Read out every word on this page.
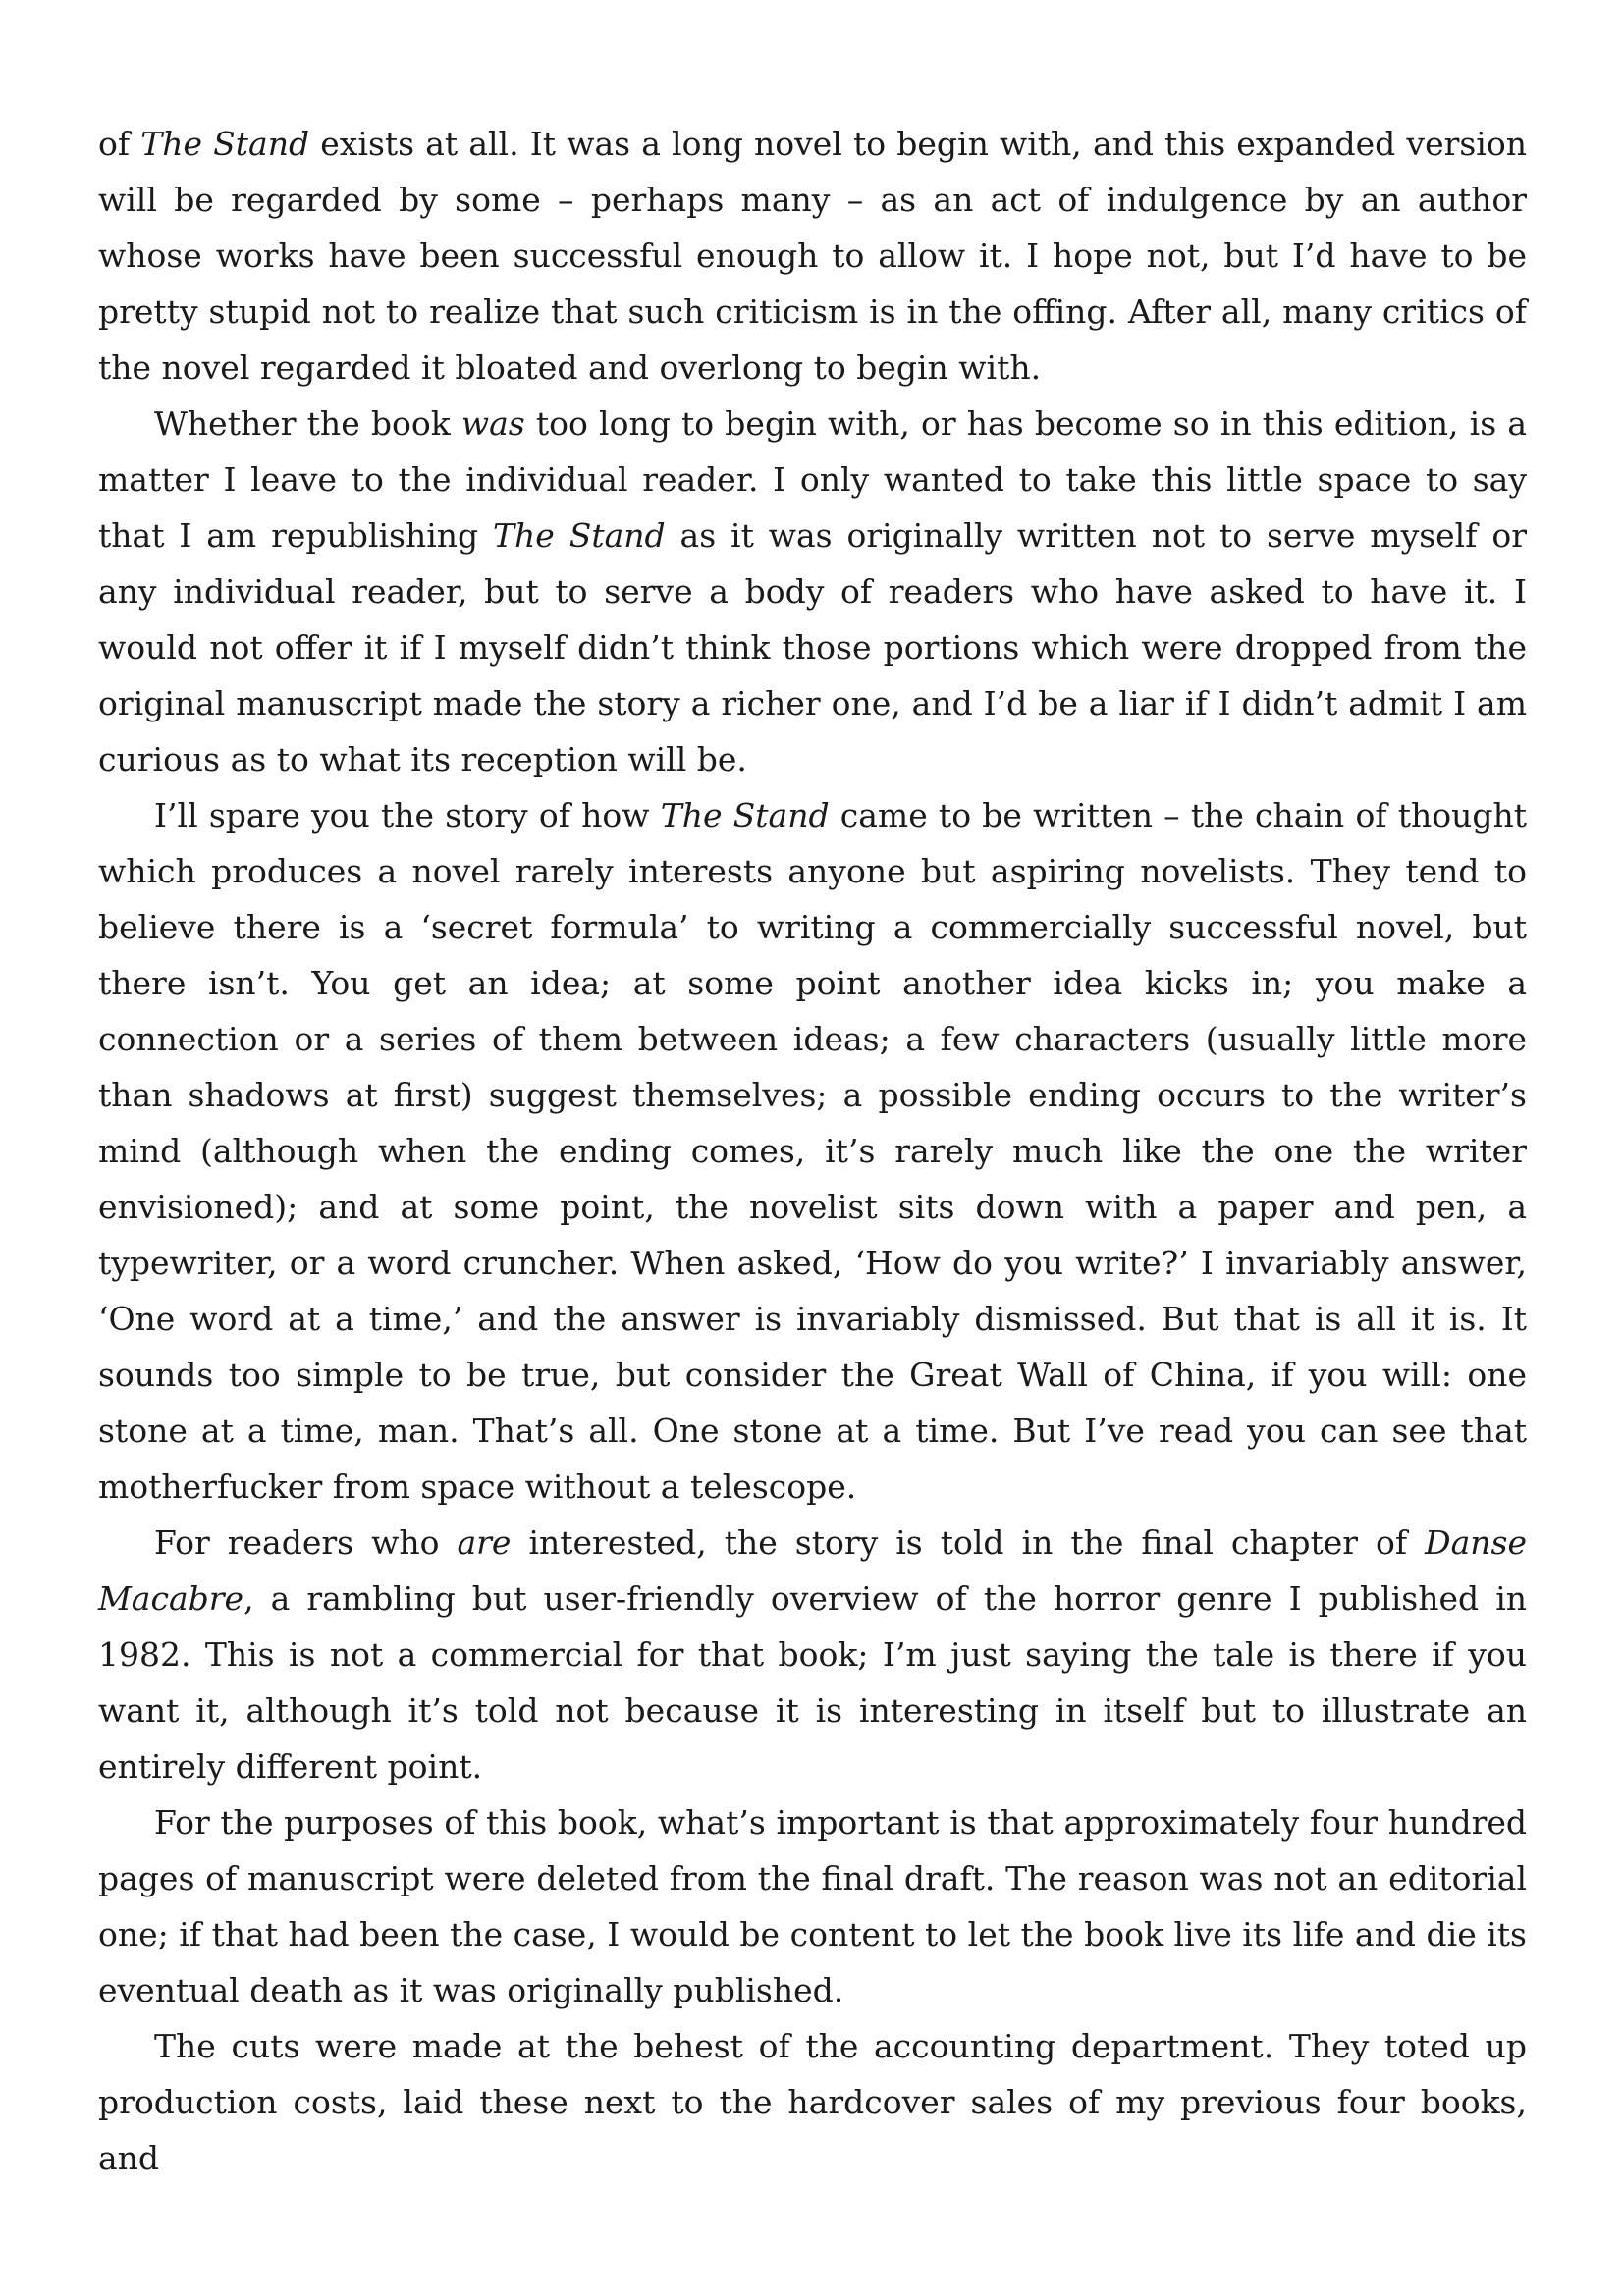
of The Stand exists at all. It was a long novel to begin with, and this expanded version will be regarded by some – perhaps many – as an act of indulgence by an author whose works have been successful enough to allow it. I hope not, but I’d have to be pretty stupid not to realize that such criticism is in the offing. After all, many critics of the novel regarded it bloated and overlong to begin with.

Whether the book was too long to begin with, or has become so in this edition, is a matter I leave to the individual reader. I only wanted to take this little space to say that I am republishing The Stand as it was originally written not to serve myself or any individual reader, but to serve a body of readers who have asked to have it. I would not offer it if I myself didn’t think those portions which were dropped from the original manuscript made the story a richer one, and I’d be a liar if I didn’t admit I am curious as to what its reception will be.

I’ll spare you the story of how The Stand came to be written – the chain of thought which produces a novel rarely interests anyone but aspiring novelists. They tend to believe there is a ‘secret formula’ to writing a commercially successful novel, but there isn’t. You get an idea; at some point another idea kicks in; you make a connection or a series of them between ideas; a few characters (usually little more than shadows at first) suggest themselves; a possible ending occurs to the writer’s mind (although when the ending comes, it’s rarely much like the one the writer envisioned); and at some point, the novelist sits down with a paper and pen, a typewriter, or a word cruncher. When asked, ‘How do you write?’ I invariably answer, ‘One word at a time,’ and the answer is invariably dismissed. But that is all it is. It sounds too simple to be true, but consider the Great Wall of China, if you will: one stone at a time, man. That’s all. One stone at a time. But I’ve read you can see that motherfucker from space without a telescope.

For readers who are interested, the story is told in the final chapter of Danse Macabre, a rambling but user-friendly overview of the horror genre I published in 1982. This is not a commercial for that book; I’m just saying the tale is there if you want it, although it’s told not because it is interesting in itself but to illustrate an entirely different point.

For the purposes of this book, what’s important is that approximately four hundred pages of manuscript were deleted from the final draft. The reason was not an editorial one; if that had been the case, I would be content to let the book live its life and die its eventual death as it was originally published.

The cuts were made at the behest of the accounting department. They toted up production costs, laid these next to the hardcover sales of my previous four books, and
